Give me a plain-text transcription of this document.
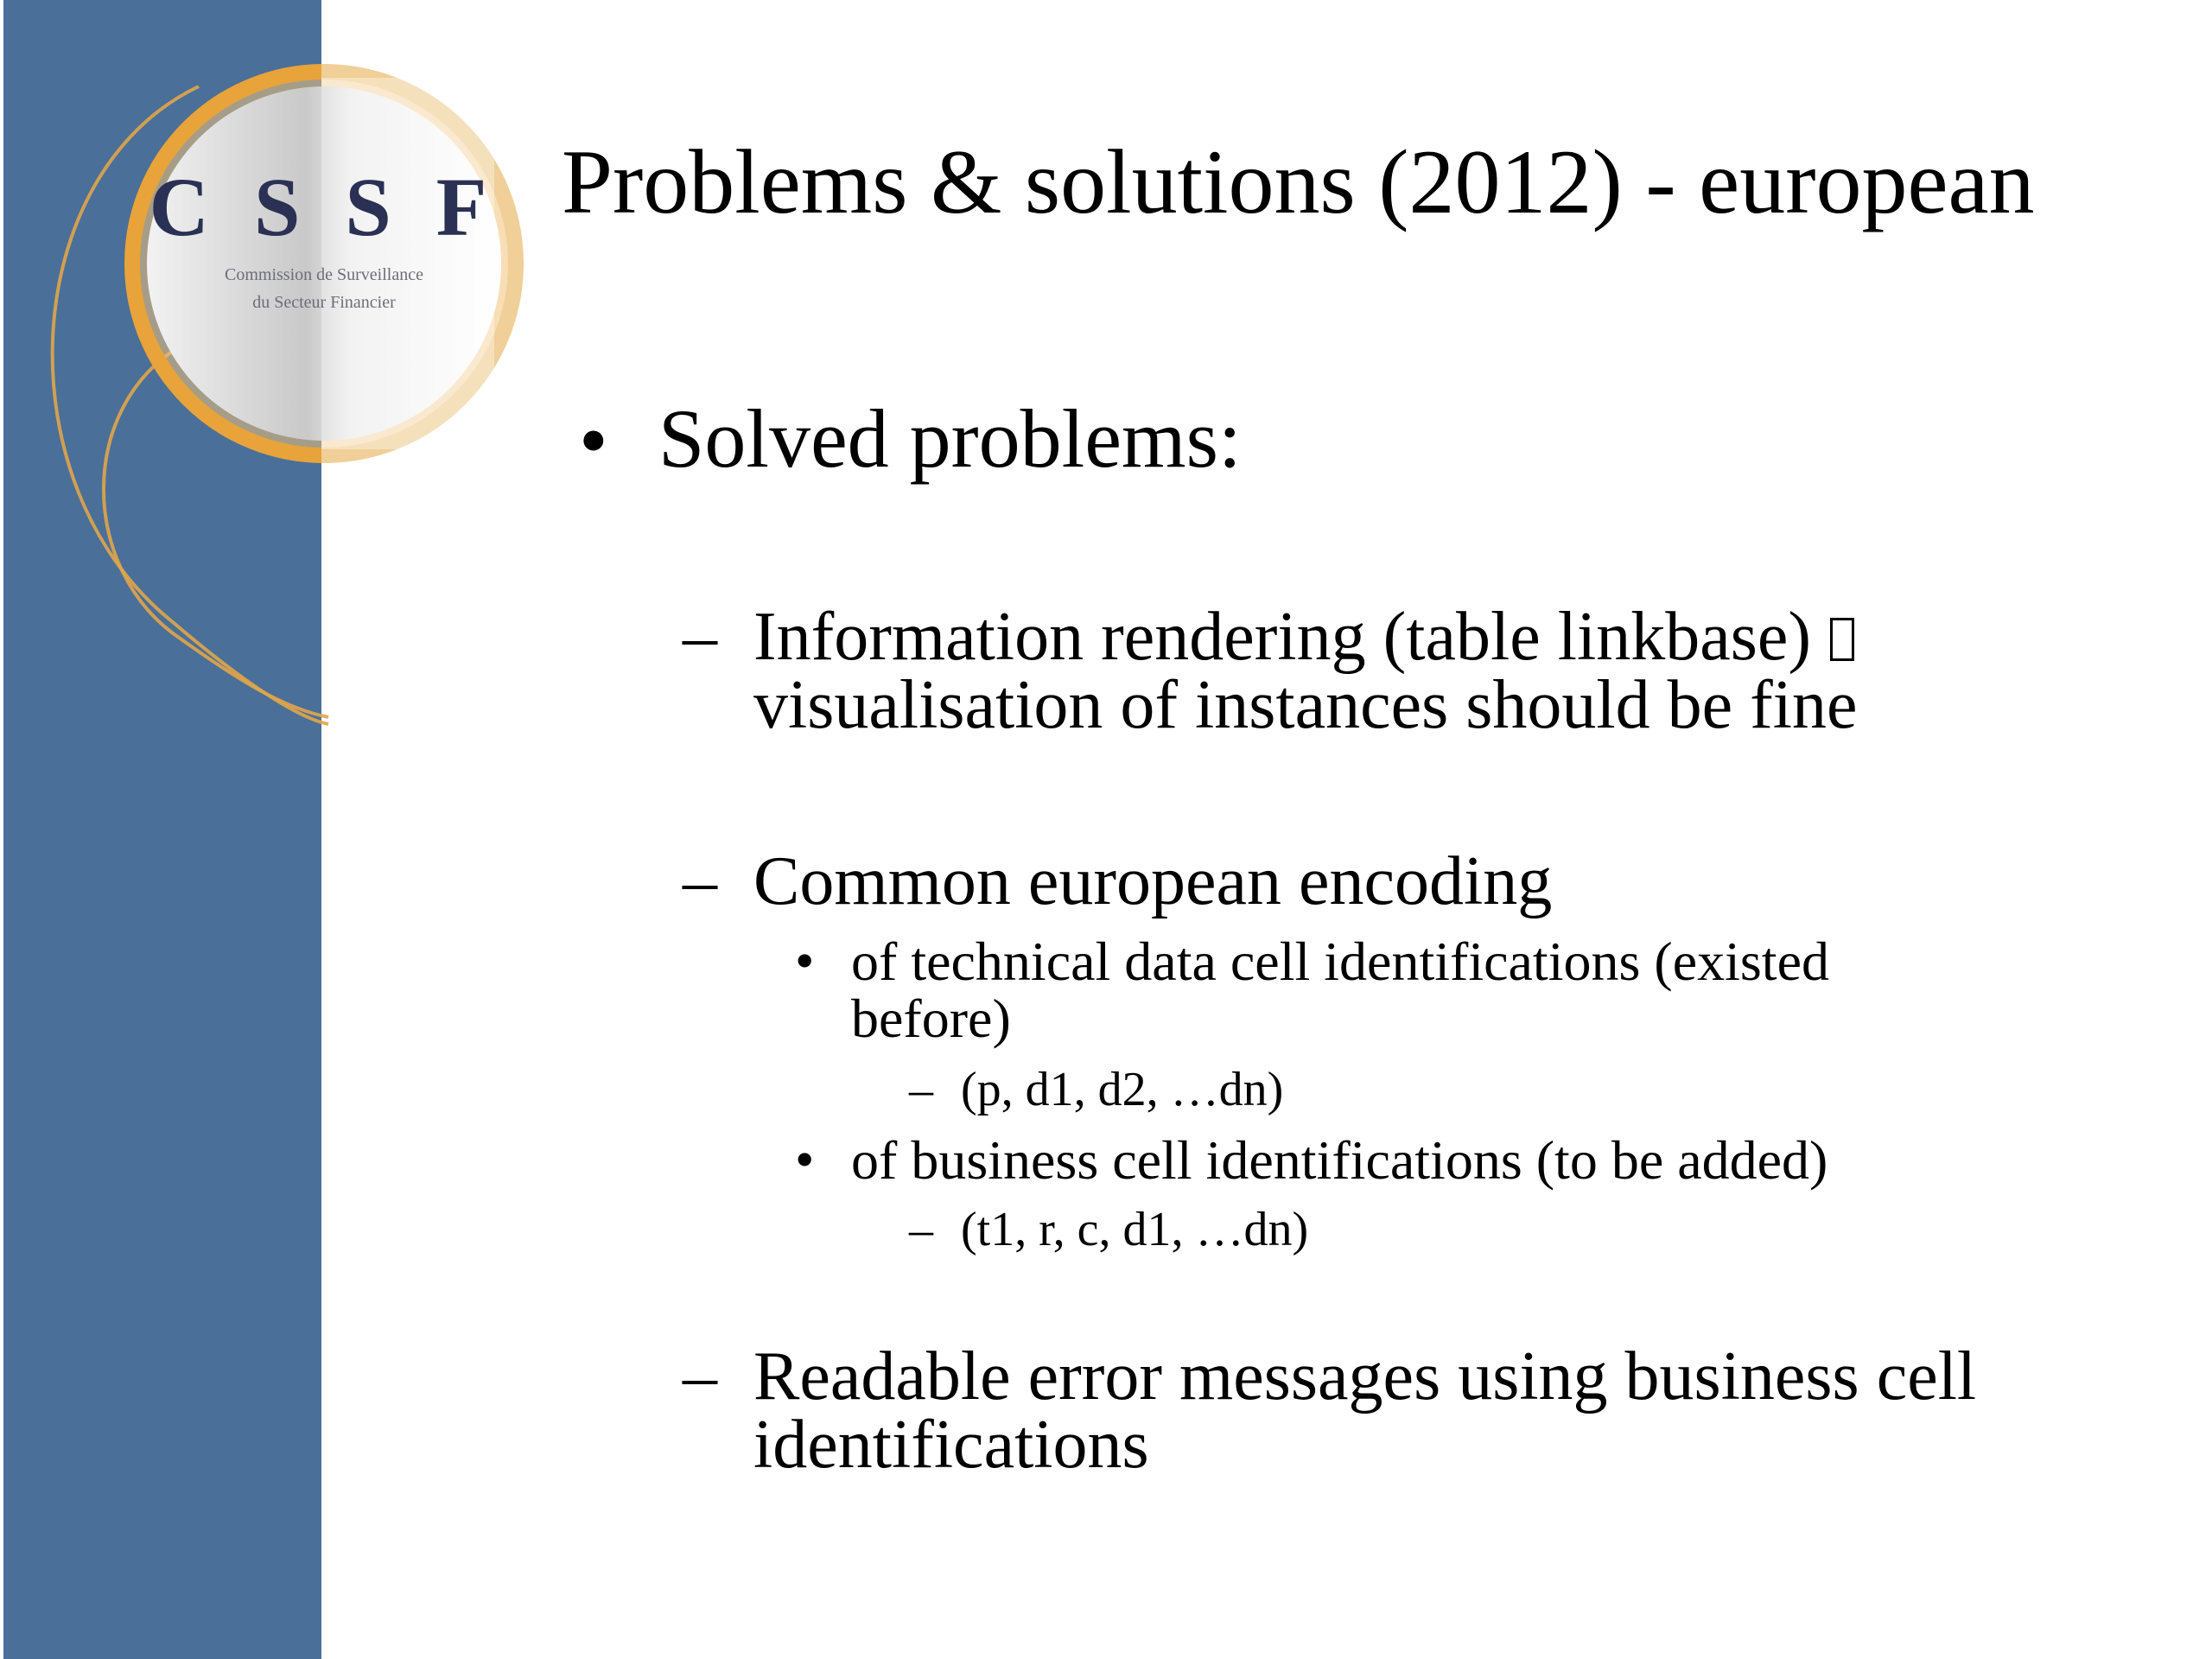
C S S F
Commission de Surveillance
du Secteur Financier
Problems & solutions (2012) - european
• Solved problems:
– Information rendering (table linkbase)
visualisation of instances should be fine
– Common european encoding
• of technical data cell identifications (existed
before)
– (p, d1, d2, …dn)
• of business cell identifications (to be added)
– (t1, r, c, d1, …dn)
– Readable error messages using business cell
identifications
